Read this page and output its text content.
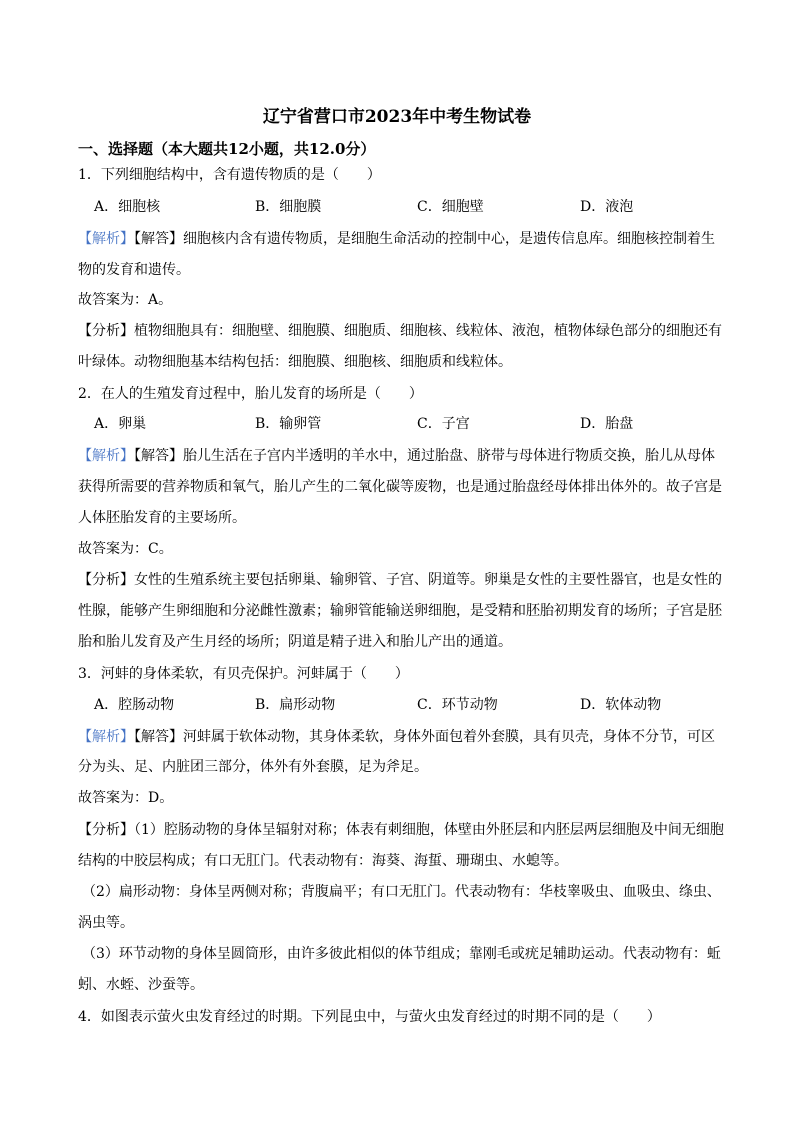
辽宁省营口市2023年中考生物试卷
一、选择题（本大题共12小题，共12.0分）
1．下列细胞结构中，含有遗传物质的是（　　）
A．细胞核	B．细胞膜	C．细胞壁	D．液泡
【解析】【解答】细胞核内含有遗传物质，是细胞生命活动的控制中心，是遗传信息库。细胞核控制着生
物的发育和遗传。
故答案为：A。
【分析】植物细胞具有：细胞壁、细胞膜、细胞质、细胞核、线粒体、液泡，植物体绿色部分的细胞还有
叶绿体。动物细胞基本结构包括：细胞膜、细胞核、细胞质和线粒体。
2．在人的生殖发育过程中，胎儿发育的场所是（　　）
A．卵巢	B．输卵管	C．子宫	D．胎盘
【解析】【解答】胎儿生活在子宫内半透明的羊水中，通过胎盘、脐带与母体进行物质交换，胎儿从母体
获得所需要的营养物质和氧气，胎儿产生的二氧化碳等废物，也是通过胎盘经母体排出体外的。故子宫是
人体胚胎发育的主要场所。
故答案为：C。
【分析】女性的生殖系统主要包括卵巢、输卵管、子宫、阴道等。卵巢是女性的主要性器官，也是女性的
性腺，能够产生卵细胞和分泌雌性激素；输卵管能输送卵细胞，是受精和胚胎初期发育的场所；子宫是胚
胎和胎儿发育及产生月经的场所；阴道是精子进入和胎儿产出的通道。
3．河蚌的身体柔软，有贝壳保护。河蚌属于（　　）
A．腔肠动物	B．扁形动物	C．环节动物	D．软体动物
【解析】【解答】河蚌属于软体动物，其身体柔软，身体外面包着外套膜，具有贝壳，身体不分节，可区
分为头、足、内脏团三部分，体外有外套膜，足为斧足。
故答案为：D。
【分析】（1）腔肠动物的身体呈辐射对称；体表有刺细胞，体壁由外胚层和内胚层两层细胞及中间无细胞
结构的中胶层构成；有口无肛门。代表动物有：海葵、海蜇、珊瑚虫、水螅等。
（2）扁形动物：身体呈两侧对称；背腹扁平；有口无肛门。代表动物有：华枝睾吸虫、血吸虫、绦虫、
涡虫等。
（3）环节动物的身体呈圆筒形，由许多彼此相似的体节组成；靠刚毛或疣足辅助运动。代表动物有：蚯
蚓、水蛭、沙蚕等。
4．如图表示萤火虫发育经过的时期。下列昆虫中，与萤火虫发育经过的时期不同的是（　　）
